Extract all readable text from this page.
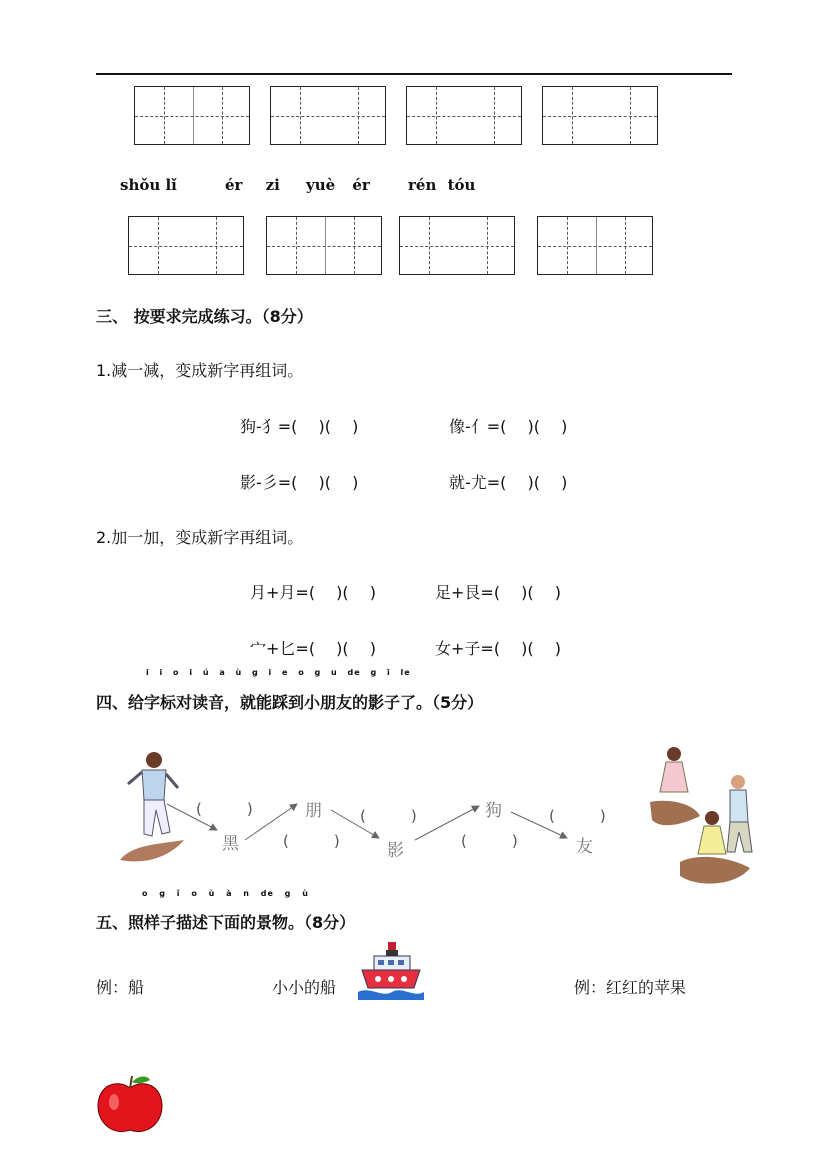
shǒu lǐ	ér zi yuè ér	rén tóu
三、 按要求完成练习。（8分）
1.减一减，变成新字再组词。
狗-犭=(　 )(　 )	像-亻=(　 )(　 )
影-彡=(　 )(　 )	就-尤=(　 )(　 )
2.加一加，变成新字再组词。
月+月=(　 )(　 )	足+艮=(　 )(　 )
宀+匕=(　 )(　 )	女+子=(　 )(　 )
i i o i ú a ù g i e o g u de g ī le
四、给字标对读音，就能踩到小朋友的影子了。（5分）
(　　　)
黑
朋
(　　　)
(　　　)
影
狗
(　　　)
(　　　)
友
o g ǐ o ù à n de g ù
五、照样子描述下面的景物。（8分）
例：船	小小的船	例：红红的苹果
